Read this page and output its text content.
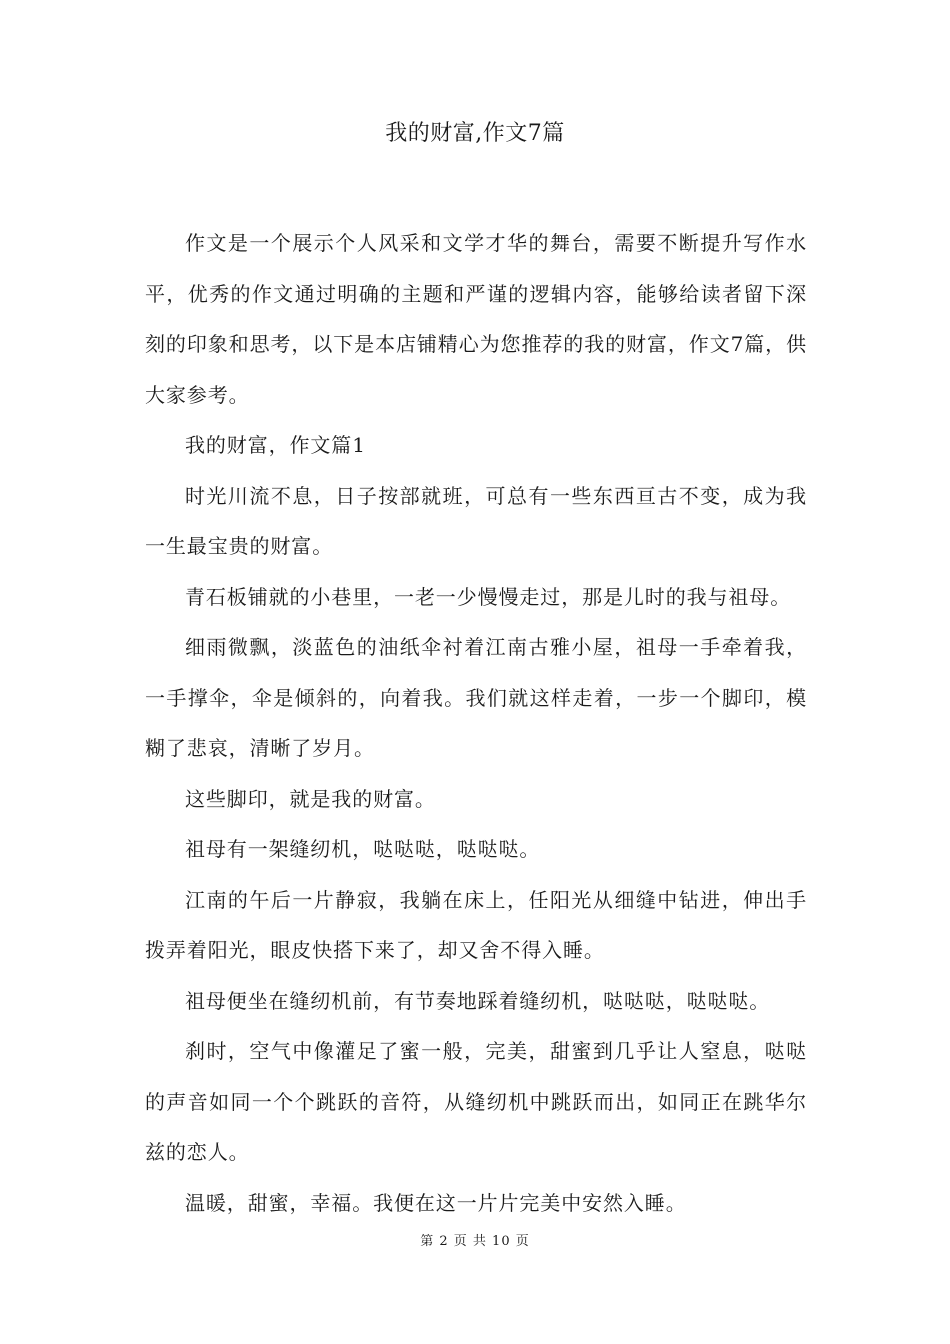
我的财富,作文7篇

作文是一个展示个人风采和文学才华的舞台，需要不断提升写作水平，优秀的作文通过明确的主题和严谨的逻辑内容，能够给读者留下深刻的印象和思考，以下是本店铺精心为您推荐的我的财富，作文7篇，供大家参考。

我的财富，作文篇1

时光川流不息，日子按部就班，可总有一些东西亘古不变，成为我一生最宝贵的财富。

青石板铺就的小巷里，一老一少慢慢走过，那是儿时的我与祖母。

细雨微飘，淡蓝色的油纸伞衬着江南古雅小屋，祖母一手牵着我，一手撑伞，伞是倾斜的，向着我。我们就这样走着，一步一个脚印，模糊了悲哀，清晰了岁月。

这些脚印，就是我的财富。

祖母有一架缝纫机，哒哒哒，哒哒哒。

江南的午后一片静寂，我躺在床上，任阳光从细缝中钻进，伸出手拨弄着阳光，眼皮快搭下来了，却又舍不得入睡。

祖母便坐在缝纫机前，有节奏地踩着缝纫机，哒哒哒，哒哒哒。

刹时，空气中像灌足了蜜一般，完美，甜蜜到几乎让人窒息，哒哒的声音如同一个个跳跃的音符，从缝纫机中跳跃而出，如同正在跳华尔兹的恋人。

温暖，甜蜜，幸福。我便在这一片片完美中安然入睡。

第 2 页 共 10 页
